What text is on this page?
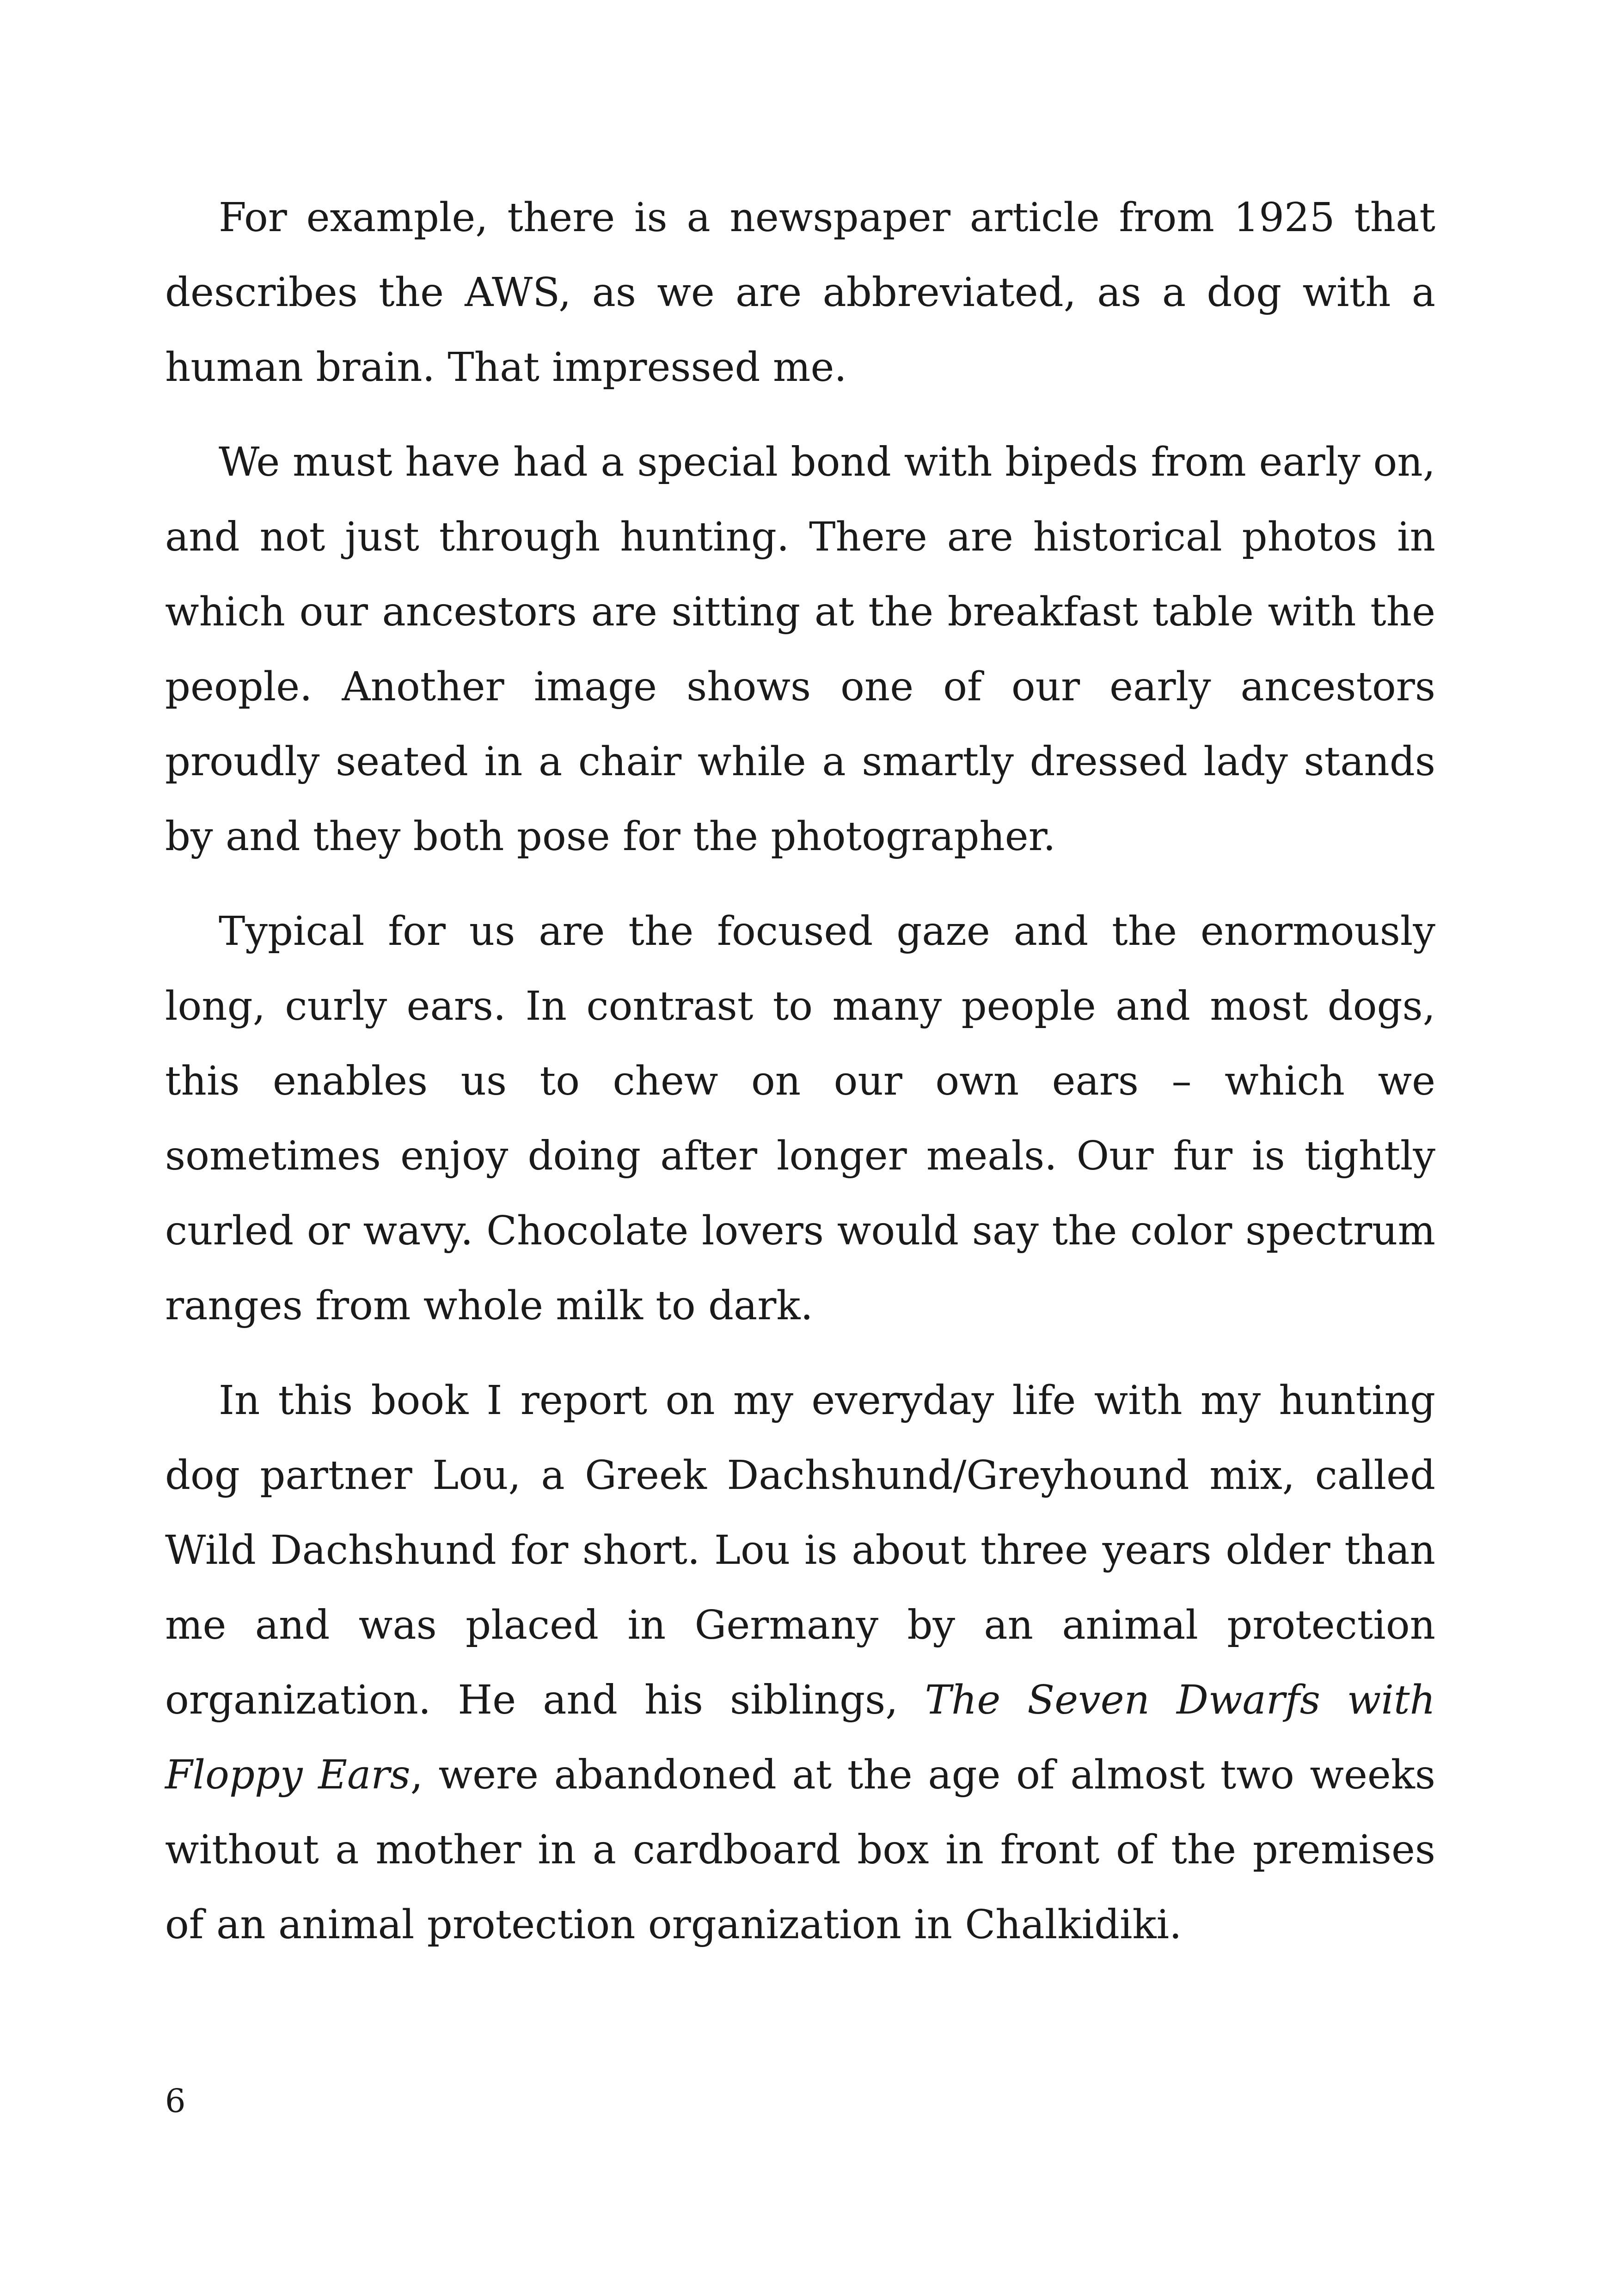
For example, there is a newspaper article from 1925 that describes the AWS, as we are abbreviated, as a dog with a human brain. That impressed me.

We must have had a special bond with bipeds from early on, and not just through hunting. There are historical photos in which our ancestors are sitting at the breakfast table with the people. Another image shows one of our early ancestors proudly seated in a chair while a smartly dressed lady stands by and they both pose for the photographer.

Typical for us are the focused gaze and the enormously long, curly ears. In contrast to many people and most dogs, this enables us to chew on our own ears – which we sometimes enjoy doing after longer meals. Our fur is tightly curled or wavy. Chocolate lovers would say the color spectrum ranges from whole milk to dark.

In this book I report on my everyday life with my hunting dog partner Lou, a Greek Dachshund/Greyhound mix, called Wild Dachshund for short. Lou is about three years older than me and was placed in Germany by an animal protection organization. He and his siblings, The Seven Dwarfs with Floppy Ears, were abandoned at the age of almost two weeks without a mother in a cardboard box in front of the premises of an animal protection organization in Chalkidiki.

6
